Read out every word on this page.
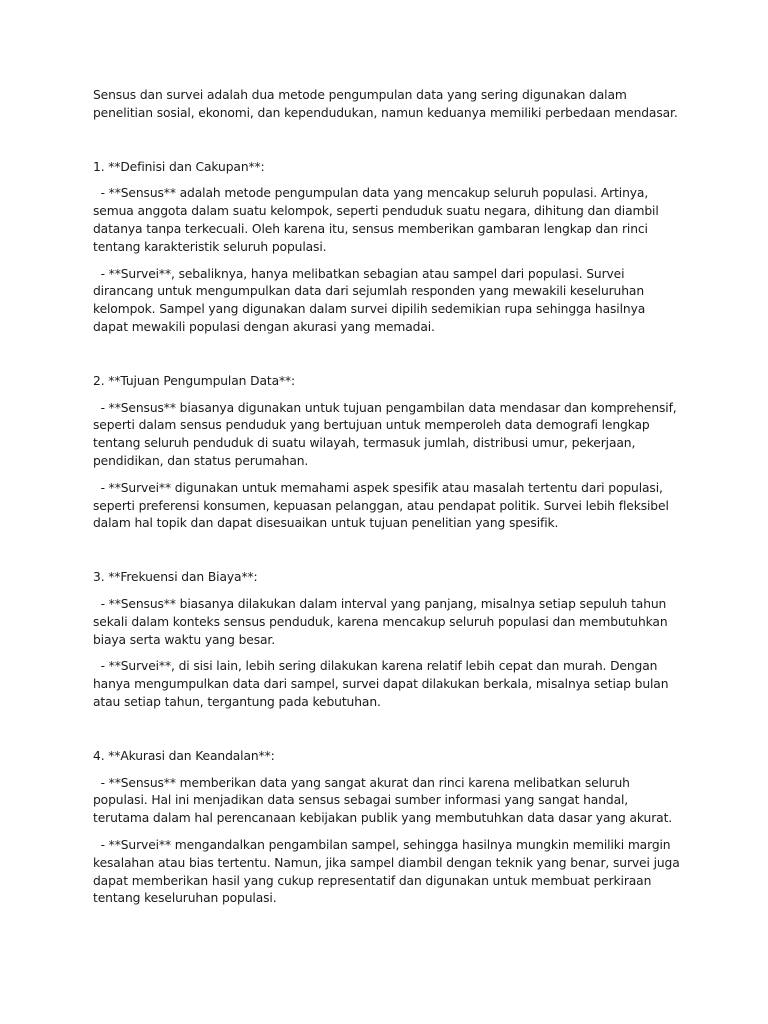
Sensus dan survei adalah dua metode pengumpulan data yang sering digunakan dalam penelitian sosial, ekonomi, dan kependudukan, namun keduanya memiliki perbedaan mendasar.

1. **Definisi dan Cakupan**:

- **Sensus** adalah metode pengumpulan data yang mencakup seluruh populasi. Artinya, semua anggota dalam suatu kelompok, seperti penduduk suatu negara, dihitung dan diambil datanya tanpa terkecuali. Oleh karena itu, sensus memberikan gambaran lengkap dan rinci tentang karakteristik seluruh populasi.

- **Survei**, sebaliknya, hanya melibatkan sebagian atau sampel dari populasi. Survei dirancang untuk mengumpulkan data dari sejumlah responden yang mewakili keseluruhan kelompok. Sampel yang digunakan dalam survei dipilih sedemikian rupa sehingga hasilnya dapat mewakili populasi dengan akurasi yang memadai.

2. **Tujuan Pengumpulan Data**:

- **Sensus** biasanya digunakan untuk tujuan pengambilan data mendasar dan komprehensif, seperti dalam sensus penduduk yang bertujuan untuk memperoleh data demografi lengkap tentang seluruh penduduk di suatu wilayah, termasuk jumlah, distribusi umur, pekerjaan, pendidikan, dan status perumahan.

- **Survei** digunakan untuk memahami aspek spesifik atau masalah tertentu dari populasi, seperti preferensi konsumen, kepuasan pelanggan, atau pendapat politik. Survei lebih fleksibel dalam hal topik dan dapat disesuaikan untuk tujuan penelitian yang spesifik.

3. **Frekuensi dan Biaya**:

- **Sensus** biasanya dilakukan dalam interval yang panjang, misalnya setiap sepuluh tahun sekali dalam konteks sensus penduduk, karena mencakup seluruh populasi dan membutuhkan biaya serta waktu yang besar.

- **Survei**, di sisi lain, lebih sering dilakukan karena relatif lebih cepat dan murah. Dengan hanya mengumpulkan data dari sampel, survei dapat dilakukan berkala, misalnya setiap bulan atau setiap tahun, tergantung pada kebutuhan.

4. **Akurasi dan Keandalan**:

- **Sensus** memberikan data yang sangat akurat dan rinci karena melibatkan seluruh populasi. Hal ini menjadikan data sensus sebagai sumber informasi yang sangat handal, terutama dalam hal perencanaan kebijakan publik yang membutuhkan data dasar yang akurat.

- **Survei** mengandalkan pengambilan sampel, sehingga hasilnya mungkin memiliki margin kesalahan atau bias tertentu. Namun, jika sampel diambil dengan teknik yang benar, survei juga dapat memberikan hasil yang cukup representatif dan digunakan untuk membuat perkiraan tentang keseluruhan populasi.
